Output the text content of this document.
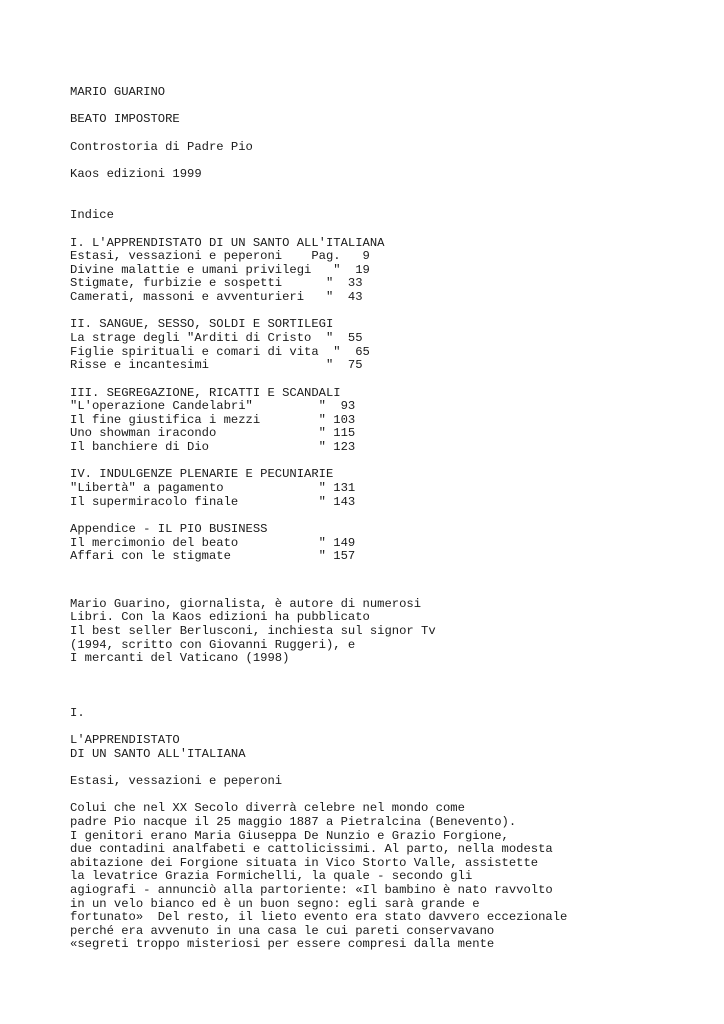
MARIO GUARINO
BEATO IMPOSTORE
Controstoria di Padre Pio
Kaos edizioni 1999
Indice
I. L'APPRENDISTATO DI UN SANTO ALL'ITALIANA
Estasi, vessazioni e peperoni    Pag.   9
Divine malattie e umani privilegi   "  19
Stigmate, furbizie e sospetti      "  33
Camerati, massoni e avventurieri   "  43
II. SANGUE, SESSO, SOLDI E SORTILEGI
La strage degli "Arditi di Cristo  "  55
Figlie spirituali e comari di vita  "  65
Risse e incantesimi                "  75
III. SEGREGAZIONE, RICATTI E SCANDALI
"L'operazione Candelabri"         "  93
Il fine giustifica i mezzi        " 103
Uno showman iracondo              " 115
Il banchiere di Dio               " 123
IV. INDULGENZE PLENARIE E PECUNIARIE
"Libertà" a pagamento             " 131
Il supermiracolo finale           " 143
Appendice - IL PIO BUSINESS
Il mercimonio del beato           " 149
Affari con le stigmate            " 157
Mario Guarino, giornalista, è autore di numerosi
Libri. Con la Kaos edizioni ha pubblicato
Il best seller Berlusconi, inchiesta sul signor Tv
(1994, scritto con Giovanni Ruggeri), e
I mercanti del Vaticano (1998)
I.
L'APPRENDISTATO
DI UN SANTO ALL'ITALIANA
Estasi, vessazioni e peperoni
Colui che nel XX Secolo diverrà celebre nel mondo come
padre Pio nacque il 25 maggio 1887 a Pietralcina (Benevento).
I genitori erano Maria Giuseppa De Nunzio e Grazio Forgione,
due contadini analfabeti e cattolicissimi. Al parto, nella modesta
abitazione dei Forgione situata in Vico Storto Valle, assistette
la levatrice Grazia Formichelli, la quale - secondo gli
agiografi - annunciò alla partoriente: «Il bambino è nato ravvolto
in un velo bianco ed è un buon segno: egli sarà grande e
fortunato»  Del resto, il lieto evento era stato davvero eccezionale
perché era avvenuto in una casa le cui pareti conservavano
«segreti troppo misteriosi per essere compresi dalla mente
